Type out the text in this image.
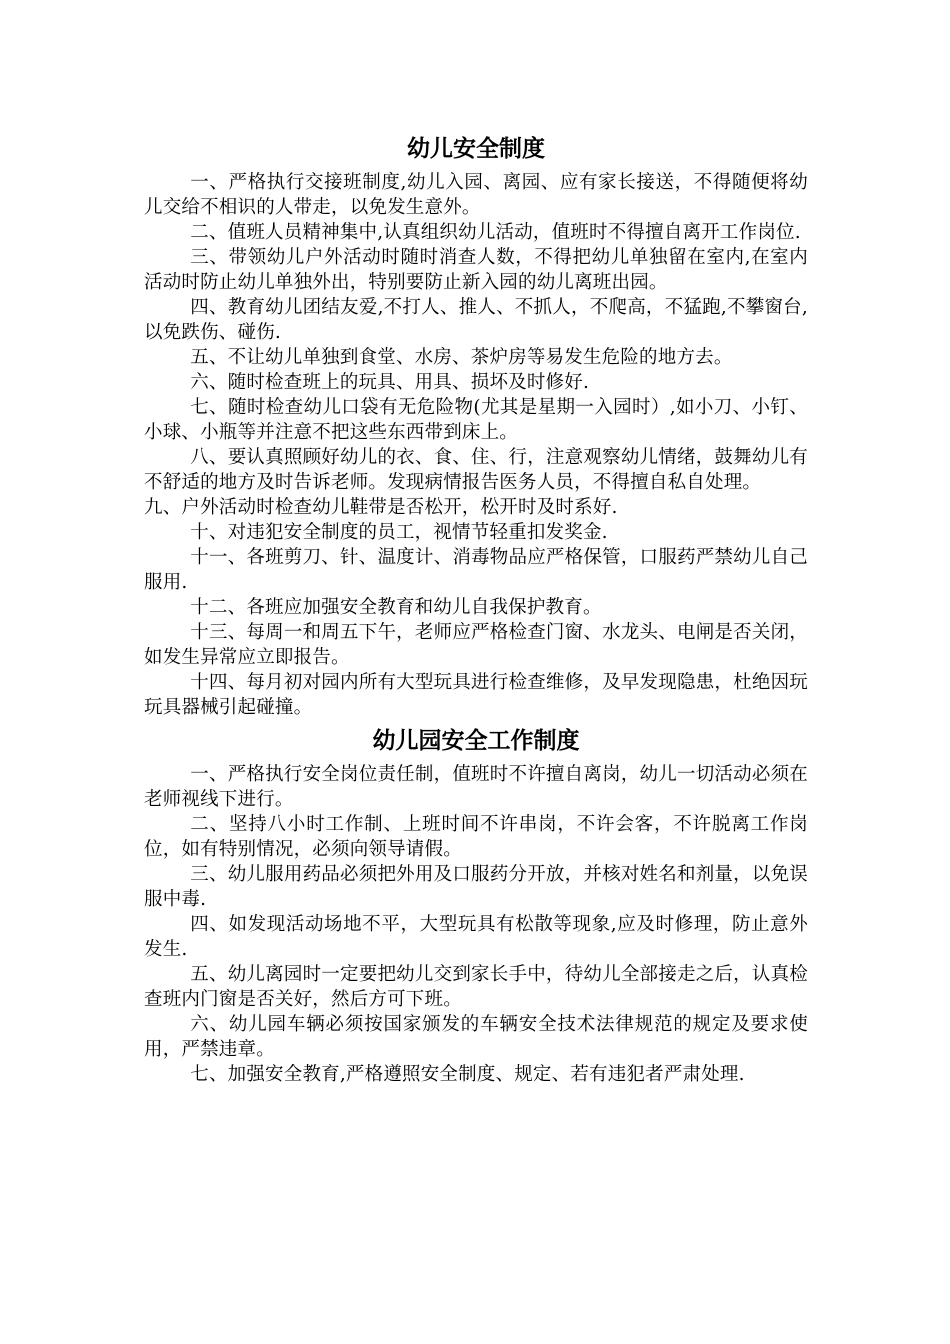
幼儿安全制度

一、严格执行交接班制度,幼儿入园、离园、应有家长接送，不得随便将幼儿交给不相识的人带走，以免发生意外。

二、值班人员精神集中,认真组织幼儿活动，值班时不得擅自离开工作岗位.

三、带领幼儿户外活动时随时消查人数，不得把幼儿单独留在室内,在室内活动时防止幼儿单独外出，特别要防止新入园的幼儿离班出园。

四、教育幼儿团结友爱,不打人、推人、不抓人，不爬高，不猛跑,不攀窗台,以免跌伤、碰伤.

五、不让幼儿单独到食堂、水房、茶炉房等易发生危险的地方去。

六、随时检查班上的玩具、用具、损坏及时修好.

七、随时检查幼儿口袋有无危险物(尤其是星期一入园时）,如小刀、小钉、小球、小瓶等并注意不把这些东西带到床上。

八、要认真照顾好幼儿的衣、食、住、行，注意观察幼儿情绪，鼓舞幼儿有不舒适的地方及时告诉老师。发现病情报告医务人员，不得擅自私自处理。

九、户外活动时检查幼儿鞋带是否松开，松开时及时系好.

十、对违犯安全制度的员工，视情节轻重扣发奖金.

十一、各班剪刀、针、温度计、消毒物品应严格保管，口服药严禁幼儿自己服用.

十二、各班应加强安全教育和幼儿自我保护教育。

十三、每周一和周五下午，老师应严格检查门窗、水龙头、电闸是否关闭，如发生异常应立即报告。

十四、每月初对园内所有大型玩具进行检查维修，及早发现隐患，杜绝因玩玩具器械引起碰撞。

幼儿园安全工作制度

一、严格执行安全岗位责任制，值班时不许擅自离岗，幼儿一切活动必须在老师视线下进行。

二、坚持八小时工作制、上班时间不许串岗，不许会客，不许脱离工作岗位，如有特别情况，必须向领导请假。

三、幼儿服用药品必须把外用及口服药分开放，并核对姓名和剂量，以免误服中毒.

四、如发现活动场地不平，大型玩具有松散等现象,应及时修理，防止意外发生.

五、幼儿离园时一定要把幼儿交到家长手中，待幼儿全部接走之后，认真检查班内门窗是否关好，然后方可下班。

六、幼儿园车辆必须按国家颁发的车辆安全技术法律规范的规定及要求使用，严禁违章。

七、加强安全教育,严格遵照安全制度、规定、若有违犯者严肃处理.
